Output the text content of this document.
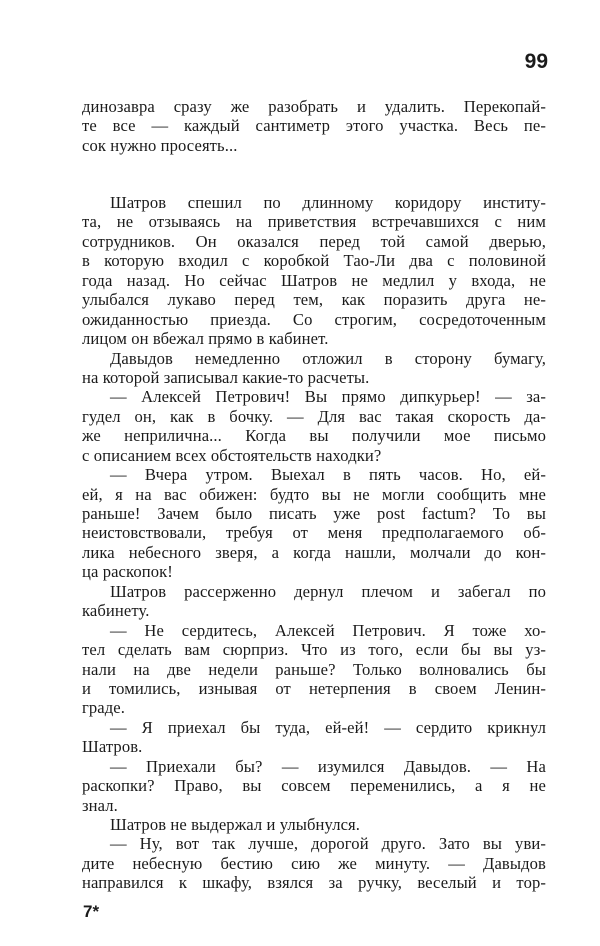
99
динозавра сразу же разобрать и удалить. Перекопай-
те все — каждый сантиметр этого участка. Весь пе-
сок нужно просеять...
Шатров спешил по длинному коридору институ-
та, не отзываясь на приветствия встречавшихся с ним
сотрудников. Он оказался перед той самой дверью,
в которую входил с коробкой Тао-Ли два с половиной
года назад. Но сейчас Шатров не медлил у входа, не
улыбался лукаво перед тем, как поразить друга не-
ожиданностью приезда. Со строгим, сосредоточенным
лицом он вбежал прямо в кабинет.
Давыдов немедленно отложил в сторону бумагу,
на которой записывал какие-то расчеты.
— Алексей Петрович! Вы прямо дипкурьер! — за-
гудел он, как в бочку. — Для вас такая скорость да-
же неприлична... Когда вы получили мое письмо
с описанием всех обстоятельств находки?
— Вчера утром. Выехал в пять часов. Но, ей-
ей, я на вас обижен: будто вы не могли сообщить мне
раньше! Зачем было писать уже post factum? То вы
неистовствовали, требуя от меня предполагаемого об-
лика небесного зверя, а когда нашли, молчали до кон-
ца раскопок!
Шатров рассерженно дернул плечом и забегал по
кабинету.
— Не сердитесь, Алексей Петрович. Я тоже хо-
тел сделать вам сюрприз. Что из того, если бы вы уз-
нали на две недели раньше? Только волновались бы
и томились, изнывая от нетерпения в своем Ленин-
граде.
— Я приехал бы туда, ей-ей! — сердито крикнул
Шатров.
— Приехали бы? — изумился Давыдов. — На
раскопки? Право, вы совсем переменились, а я не
знал.
Шатров не выдержал и улыбнулся.
— Ну, вот так лучше, дорогой друго. Зато вы уви-
дите небесную бестию сию же минуту. — Давыдов
направился к шкафу, взялся за ручку, веселый и тор-
7*
